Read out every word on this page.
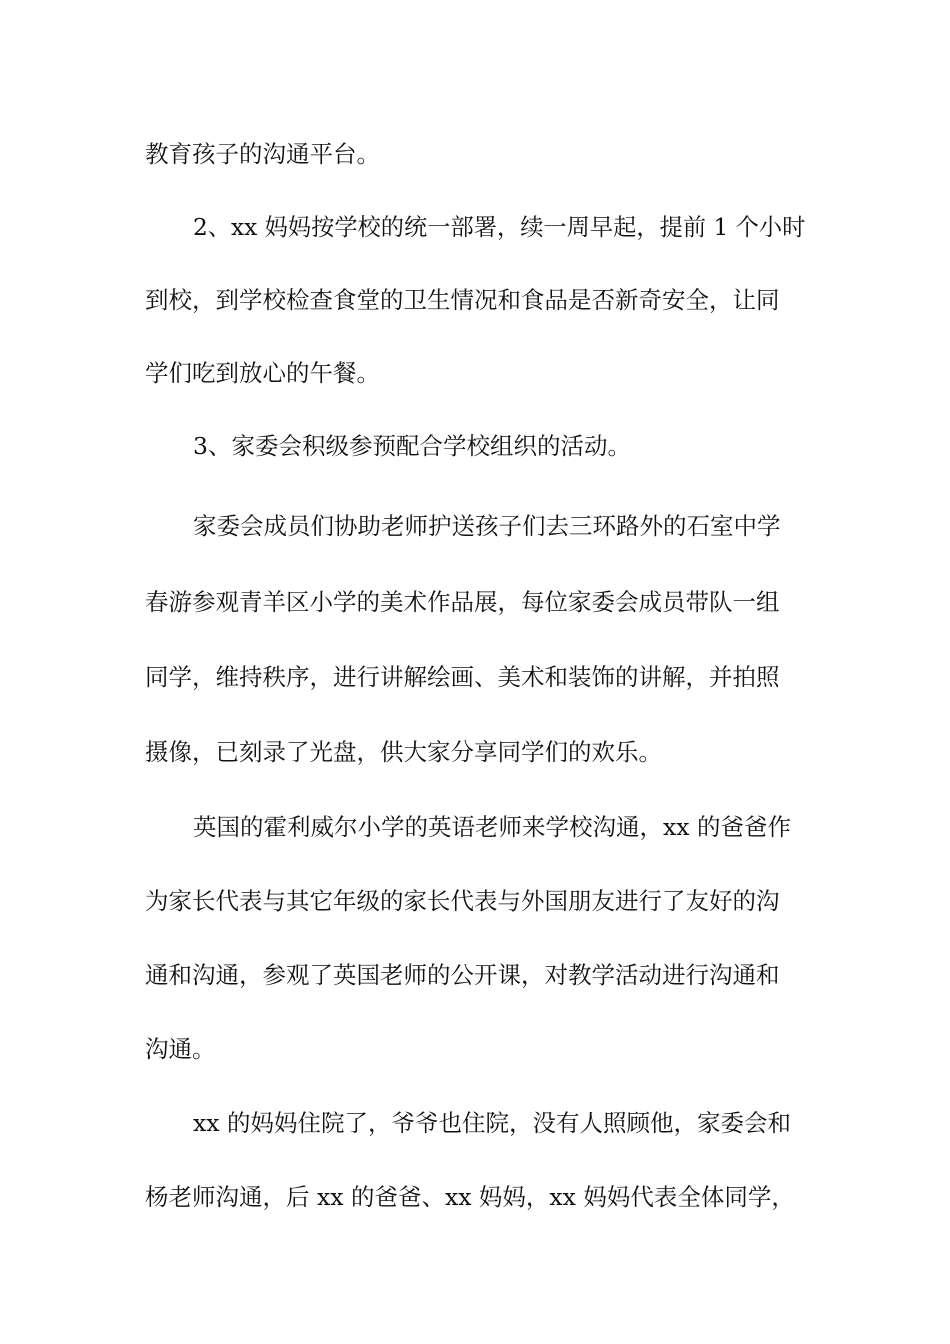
教育孩子的沟通平台。
2、xx 妈妈按学校的统一部署，续一周早起，提前 1 个小时
到校，到学校检查食堂的卫生情况和食品是否新奇安全，让同
学们吃到放心的午餐。
3、家委会积级参预配合学校组织的活动。
家委会成员们协助老师护送孩子们去三环路外的石室中学
春游参观青羊区小学的美术作品展，每位家委会成员带队一组
同学，维持秩序，进行讲解绘画、美术和装饰的讲解，并拍照
摄像，已刻录了光盘，供大家分享同学们的欢乐。
英国的霍利威尔小学的英语老师来学校沟通，xx 的爸爸作
为家长代表与其它年级的家长代表与外国朋友进行了友好的沟
通和沟通，参观了英国老师的公开课，对教学活动进行沟通和
沟通。
xx 的妈妈住院了，爷爷也住院，没有人照顾他，家委会和
杨老师沟通，后 xx 的爸爸、xx 妈妈，xx 妈妈代表全体同学，
